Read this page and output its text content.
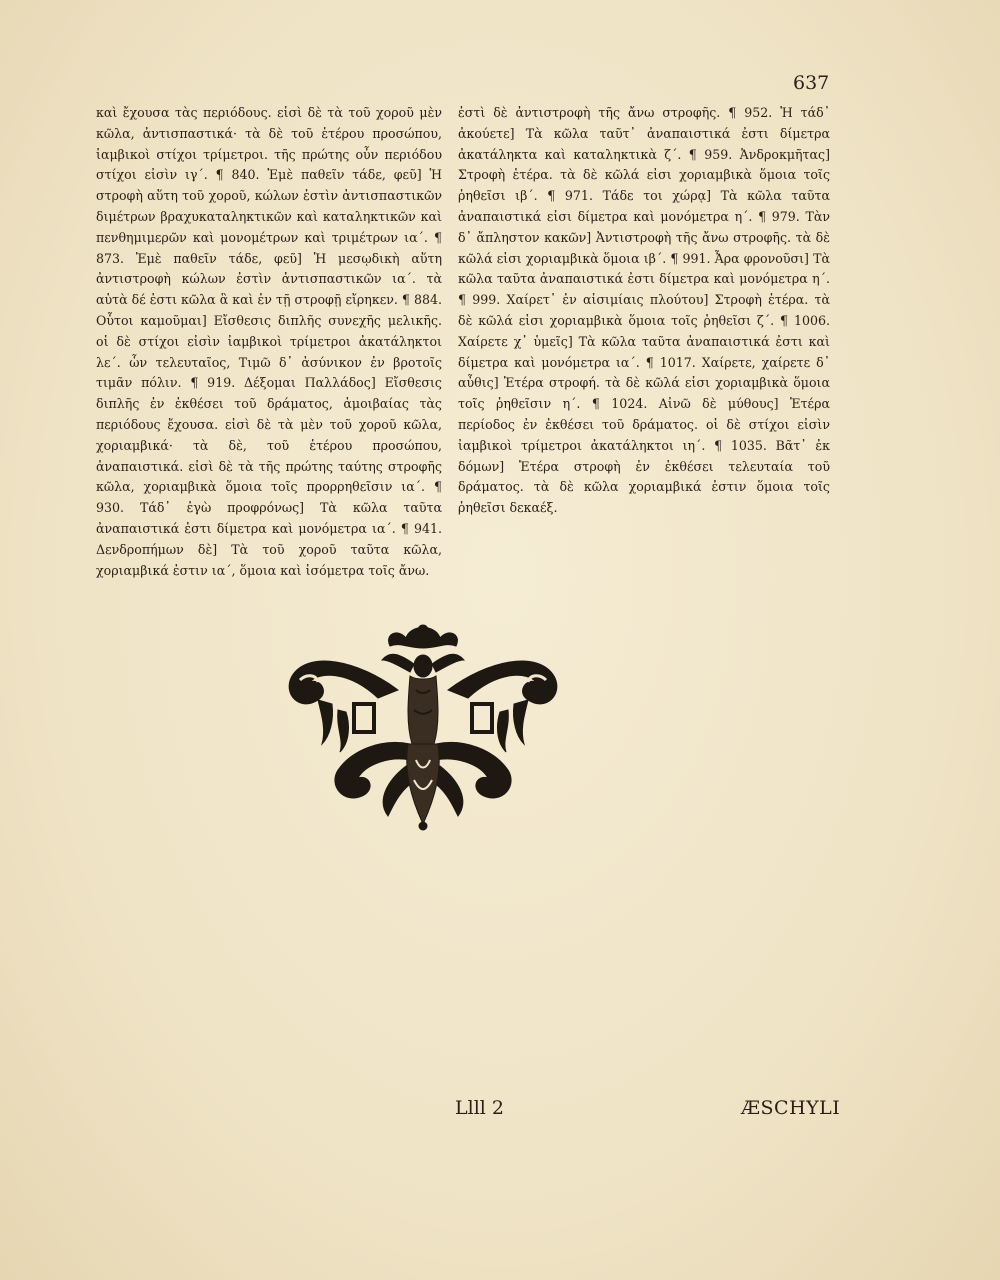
637

καὶ ἔχουσα τὰς περιόδους. εἰσὶ δὲ τὰ τοῦ χοροῦ μὲν κῶλα, ἀντισπαστικά· τὰ δὲ τοῦ ἑτέρου προσώπου, ἰαμβικοὶ στίχοι τρίμετροι. τῆς πρώτης οὖν περιόδου στίχοι εἰσὶν ιγ΄. ¶ 840. Ἐμὲ παθεῖν τάδε, φεῦ] Ἡ στροφὴ αὕτη τοῦ χοροῦ, κώλων ἐστὶν ἀντισπαστικῶν διμέτρων βραχυκαταληκτικῶν καὶ καταληκτικῶν καὶ πενθημιμερῶν καὶ μονομέτρων καὶ τριμέτρων ια΄. ¶ 873. Ἐμὲ παθεῖν τάδε, φεῦ] Ἡ μεσῳδικὴ αὕτη ἀντιστροφὴ κώλων ἐστὶν ἀντισπαστικῶν ια΄. τὰ αὐτὰ δέ ἐστι κῶλα ἃ καὶ ἐν τῇ στροφῇ εἴρηκεν. ¶ 884. Οὗτοι καμοῦμαι] Εἴσθεσις διπλῆς συνεχῆς μελικῆς. οἱ δὲ στίχοι εἰσὶν ἰαμβικοὶ τρίμετροι ἀκατάληκτοι λε΄. ὧν τελευταῖος, Τιμῶ δ᾽ ἀσύνικον ἐν βροτοῖς τιμᾶν πόλιν. ¶ 919. Δέξομαι Παλλάδος] Εἴσθεσις διπλῆς ἐν ἐκθέσει τοῦ δράματος, ἀμοιβαίας τὰς περιόδους ἔχουσα. εἰσὶ δὲ τὰ μὲν τοῦ χοροῦ κῶλα, χοριαμβικά· τὰ δὲ, τοῦ ἑτέρου προσώπου, ἀναπαιστικά. εἰσὶ δὲ τὰ τῆς πρώτης ταύτης στροφῆς κῶλα, χοριαμβικὰ ὅμοια τοῖς προρρηθεῖσιν ια΄. ¶ 930. Τάδ᾽ ἐγὼ προφρόνως] Τὰ κῶλα ταῦτα ἀναπαιστικά ἐστι δίμετρα καὶ μονόμετρα ια΄. ¶ 941. Δενδροπήμων δὲ] Τὰ τοῦ χοροῦ ταῦτα κῶλα, χοριαμβικά ἐστιν ια΄, ὅμοια καὶ ἰσόμετρα τοῖς ἄνω.

ἐστὶ δὲ ἀντιστροφὴ τῆς ἄνω στροφῆς. ¶ 952. Ἡ τάδ᾽ ἀκούετε] Τὰ κῶλα ταῦτ᾽ ἀναπαιστικά ἐστι δίμετρα ἀκατάληκτα καὶ καταληκτικὰ ζ΄. ¶ 959. Ἀνδροκμῆτας] Στροφὴ ἑτέρα. τὰ δὲ κῶλά εἰσι χοριαμβικὰ ὅμοια τοῖς ῥηθεῖσι ιβ΄. ¶ 971. Τάδε τοι χώρᾳ] Τὰ κῶλα ταῦτα ἀναπαιστικά εἰσι δίμετρα καὶ μονόμετρα η΄. ¶ 979. Τὰν δ᾽ ἄπληστον κακῶν] Ἀντιστροφὴ τῆς ἄνω στροφῆς. τὰ δὲ κῶλά εἰσι χοριαμβικὰ ὅμοια ιβ΄. ¶ 991. Ἆρα φρονοῦσι] Τὰ κῶλα ταῦτα ἀναπαιστικά ἐστι δίμετρα καὶ μονόμετρα η΄. ¶ 999. Χαίρετ᾽ ἐν αἰσιμίαις πλούτου] Στροφὴ ἑτέρα. τὰ δὲ κῶλά εἰσι χοριαμβικὰ ὅμοια τοῖς ῥηθεῖσι ζ΄. ¶ 1006. Χαίρετε χ᾽ ὑμεῖς] Τὰ κῶλα ταῦτα ἀναπαιστικά ἐστι καὶ δίμετρα καὶ μονόμετρα ια΄. ¶ 1017. Χαίρετε, χαίρετε δ᾽ αὖθις] Ἑτέρα στροφή. τὰ δὲ κῶλά εἰσι χοριαμβικὰ ὅμοια τοῖς ῥηθεῖσιν η΄. ¶ 1024. Αἰνῶ δὲ μύθους] Ἑτέρα περίοδος ἐν ἐκθέσει τοῦ δράματος. οἱ δὲ στίχοι εἰσὶν ἰαμβικοὶ τρίμετροι ἀκατάληκτοι ιη΄. ¶ 1035. Βᾶτ᾽ ἐκ δόμων] Ἑτέρα στροφὴ ἐν ἐκθέσει τελευταία τοῦ δράματος. τὰ δὲ κῶλα χοριαμβικά ἐστιν ὅμοια τοῖς ῥηθεῖσι δεκαέξ.

Llll 2	ÆSCHYLI
